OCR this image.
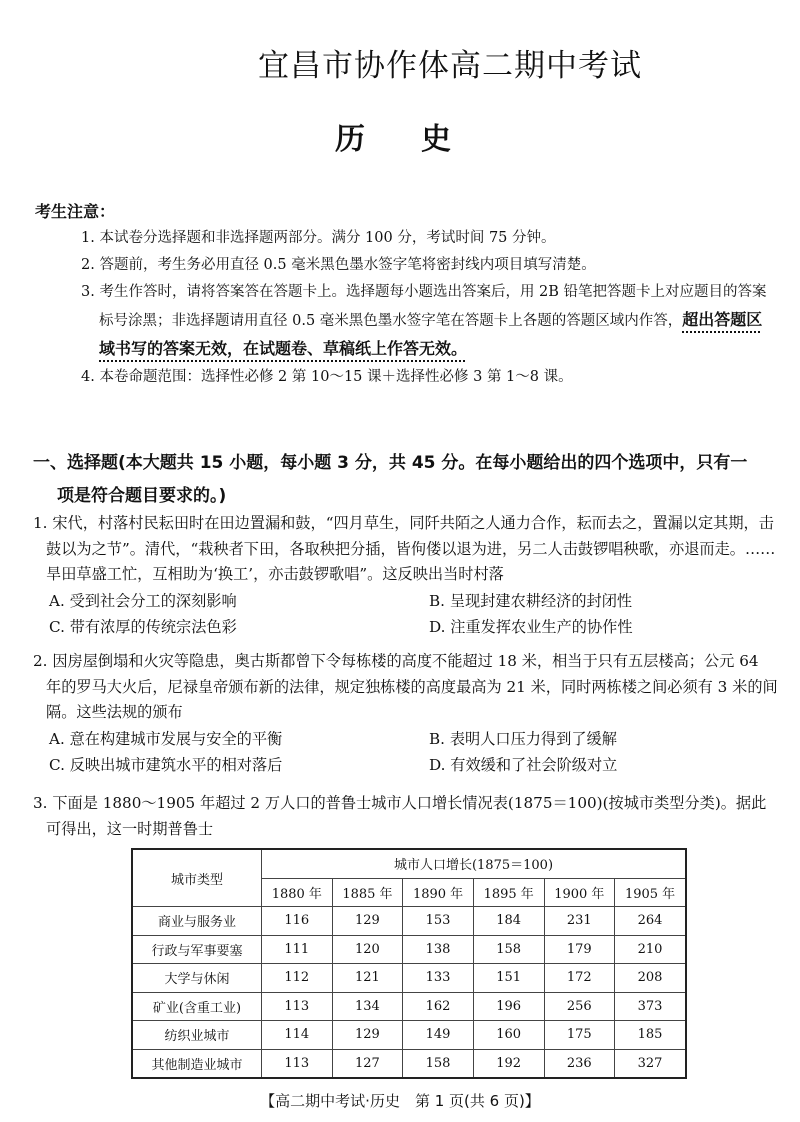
宜昌市协作体高二期中考试
历史
考生注意：
1. 本试卷分选择题和非选择题两部分。满分 100 分，考试时间 75 分钟。
2. 答题前，考生务必用直径 0.5 毫米黑色墨水签字笔将密封线内项目填写清楚。
3. 考生作答时，请将答案答在答题卡上。选择题每小题选出答案后，用 2B 铅笔把答题卡上对应题目的答案标号涂黑；非选择题请用直径 0.5 毫米黑色墨水签字笔在答题卡上各题的答题区域内作答，超出答题区域书写的答案无效，在试题卷、草稿纸上作答无效。
4. 本卷命题范围：选择性必修 2 第 10～15 课＋选择性必修 3 第 1～8 课。
一、选择题(本大题共 15 小题，每小题 3 分，共 45 分。在每小题给出的四个选项中，只有一
项是符合题目要求的。)
1. 宋代，村落村民耘田时在田边置漏和鼓，“四月草生，同阡共陌之人通力合作，耘而去之，置漏以定其期，击鼓以为之节”。清代，“栽秧者下田，各取秧把分插，皆佝偻以退为进，另二人击鼓锣唱秧歌，亦退而走。……旱田草盛工忙，互相助为‘换工’，亦击鼓锣歌唱”。这反映出当时村落
A. 受到社会分工的深刻影响	B. 呈现封建农耕经济的封闭性
C. 带有浓厚的传统宗法色彩	D. 注重发挥农业生产的协作性
2. 因房屋倒塌和火灾等隐患，奥古斯都曾下令每栋楼的高度不能超过 18 米，相当于只有五层楼高；公元 64 年的罗马大火后，尼禄皇帝颁布新的法律，规定独栋楼的高度最高为 21 米，同时两栋楼之间必须有 3 米的间隔。这些法规的颁布
A. 意在构建城市发展与安全的平衡	B. 表明人口压力得到了缓解
C. 反映出城市建筑水平的相对落后	D. 有效缓和了社会阶级对立
3. 下面是 1880～1905 年超过 2 万人口的普鲁士城市人口增长情况表(1875＝100)(按城市类型分类)。据此可得出，这一时期普鲁士
城市类型	城市人口增长(1875＝100)					
	1880 年	1885 年	1890 年	1895 年	1900 年	1905 年
商业与服务业	116	129	153	184	231	264
行政与军事要塞	111	120	138	158	179	210
大学与休闲	112	121	133	151	172	208
矿业(含重工业)	113	134	162	196	256	373
纺织业城市	114	129	149	160	175	185
其他制造业城市	113	127	158	192	236	327
【高二期中考试·历史　第 1 页(共 6 页)】
